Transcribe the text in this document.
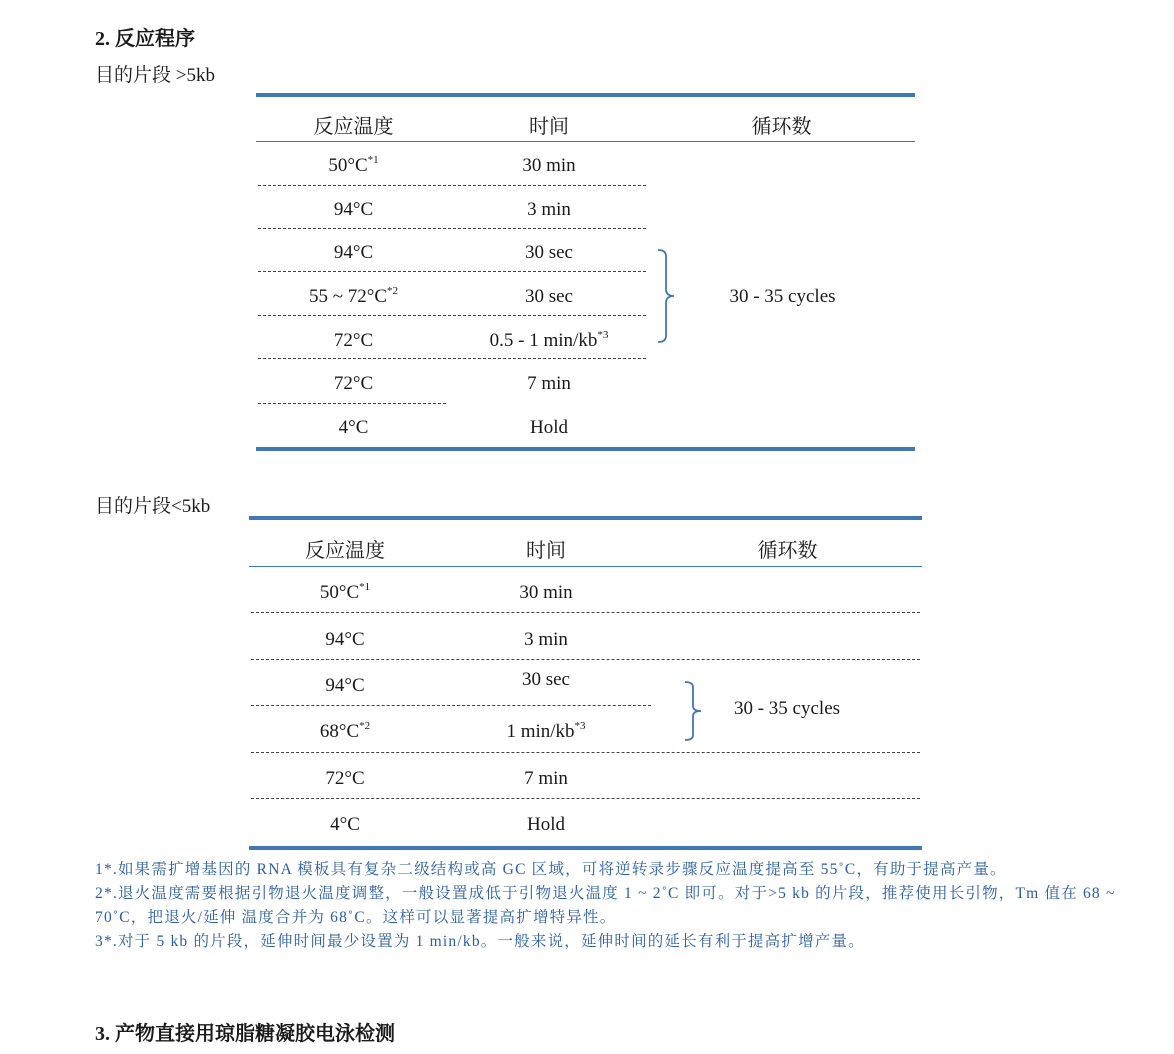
2. 反应程序
目的片段 >5kb
反应温度	时间	循环数
$50^\circ C^{*1}$	30 min
94°C	3 min
94°C	30 sec
55 ~ $72^\circ C^{*2}$	30 sec
72°C	0.5 - 1 $\min/kb^{*3}$
72°C	7 min
4°C	Hold
30 - 35 cycles
目的片段<5kb
反应温度	时间	循环数
$50^\circ C^{*1}$	30 min
94°C	3 min
94°C	30 sec
$68^\circ C^{*2}$	1 $\min/kb^{*3}$
72°C	7 min
4°C	Hold
30 - 35 cycles
1*.如果需扩增基因的 RNA 模板具有复杂二级结构或高 GC 区域，可将逆转录步骤反应温度提高至 55˚C，有助于提高产量。
2*.退火温度需要根据引物退火温度调整，一般设置成低于引物退火温度 1 ~ 2˚C 即可。对于>5 kb 的片段，推荐使用长引物，Tm 值在 68 ~ 70˚C，把退火/延伸 温度合并为 68˚C。这样可以显著提高扩增特异性。
3*.对于 5 kb 的片段，延伸时间最少设置为 1 min/kb。一般来说，延伸时间的延长有利于提高扩增产量。
3. 产物直接用琼脂糖凝胶电泳检测
